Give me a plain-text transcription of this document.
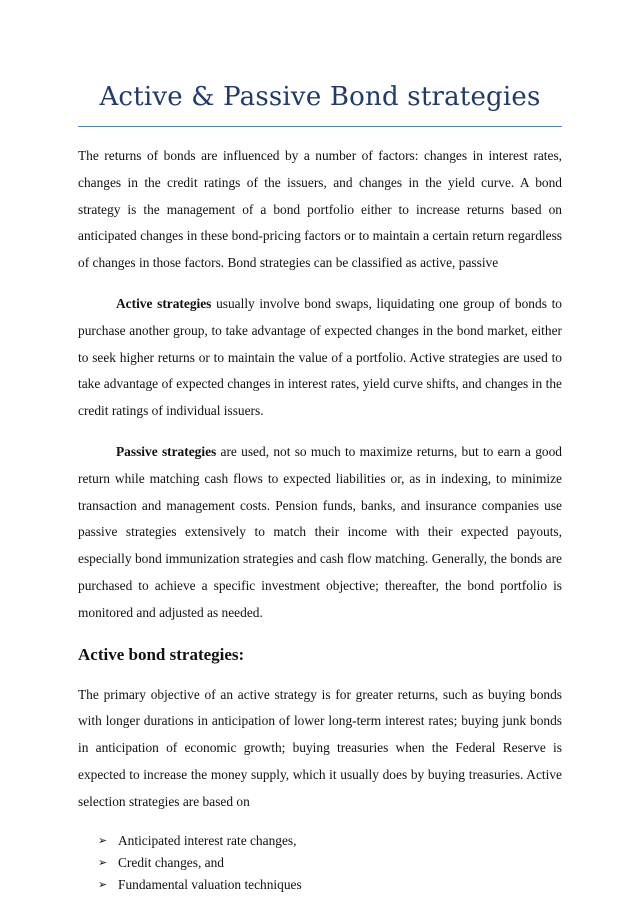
Active & Passive Bond strategies

The returns of bonds are influenced by a number of factors: changes in interest rates, changes in the credit ratings of the issuers, and changes in the yield curve. A bond strategy is the management of a bond portfolio either to increase returns based on anticipated changes in these bond-pricing factors or to maintain a certain return regardless of changes in those factors. Bond strategies can be classified as active, passive

Active strategies usually involve bond swaps, liquidating one group of bonds to purchase another group, to take advantage of expected changes in the bond market, either to seek higher returns or to maintain the value of a portfolio. Active strategies are used to take advantage of expected changes in interest rates, yield curve shifts, and changes in the credit ratings of individual issuers.

Passive strategies are used, not so much to maximize returns, but to earn a good return while matching cash flows to expected liabilities or, as in indexing, to minimize transaction and management costs. Pension funds, banks, and insurance companies use passive strategies extensively to match their income with their expected payouts, especially bond immunization strategies and cash flow matching. Generally, the bonds are purchased to achieve a specific investment objective; thereafter, the bond portfolio is monitored and adjusted as needed.

Active bond strategies:

The primary objective of an active strategy is for greater returns, such as buying bonds with longer durations in anticipation of lower long-term interest rates; buying junk bonds in anticipation of economic growth; buying treasuries when the Federal Reserve is expected to increase the money supply, which it usually does by buying treasuries. Active selection strategies are based on

➢ Anticipated interest rate changes,
➢ Credit changes, and
➢ Fundamental valuation techniques
